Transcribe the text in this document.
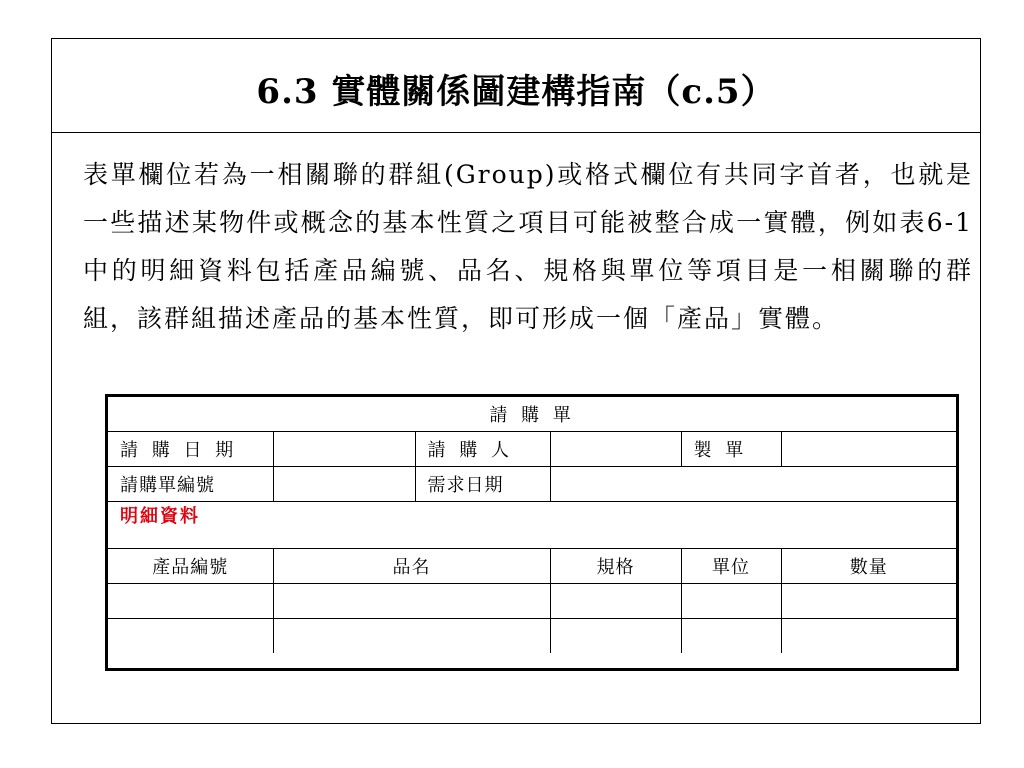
6.3 實體關係圖建構指南（c.5）

表單欄位若為一相關聯的群組(Group)或格式欄位有共同字首者，也就是一些描述某物件或概念的基本性質之項目可能被整合成一實體，例如表6-1中的明細資料包括產品編號、品名、規格與單位等項目是一相關聯的群組，該群組描述產品的基本性質，即可形成一個「產品」實體。

請 購 單					
請 購 日 期		請 購 人		製 單	
請購單編號		需求日期			
明細資料					

產品編號	品名		規格	單位	數量
